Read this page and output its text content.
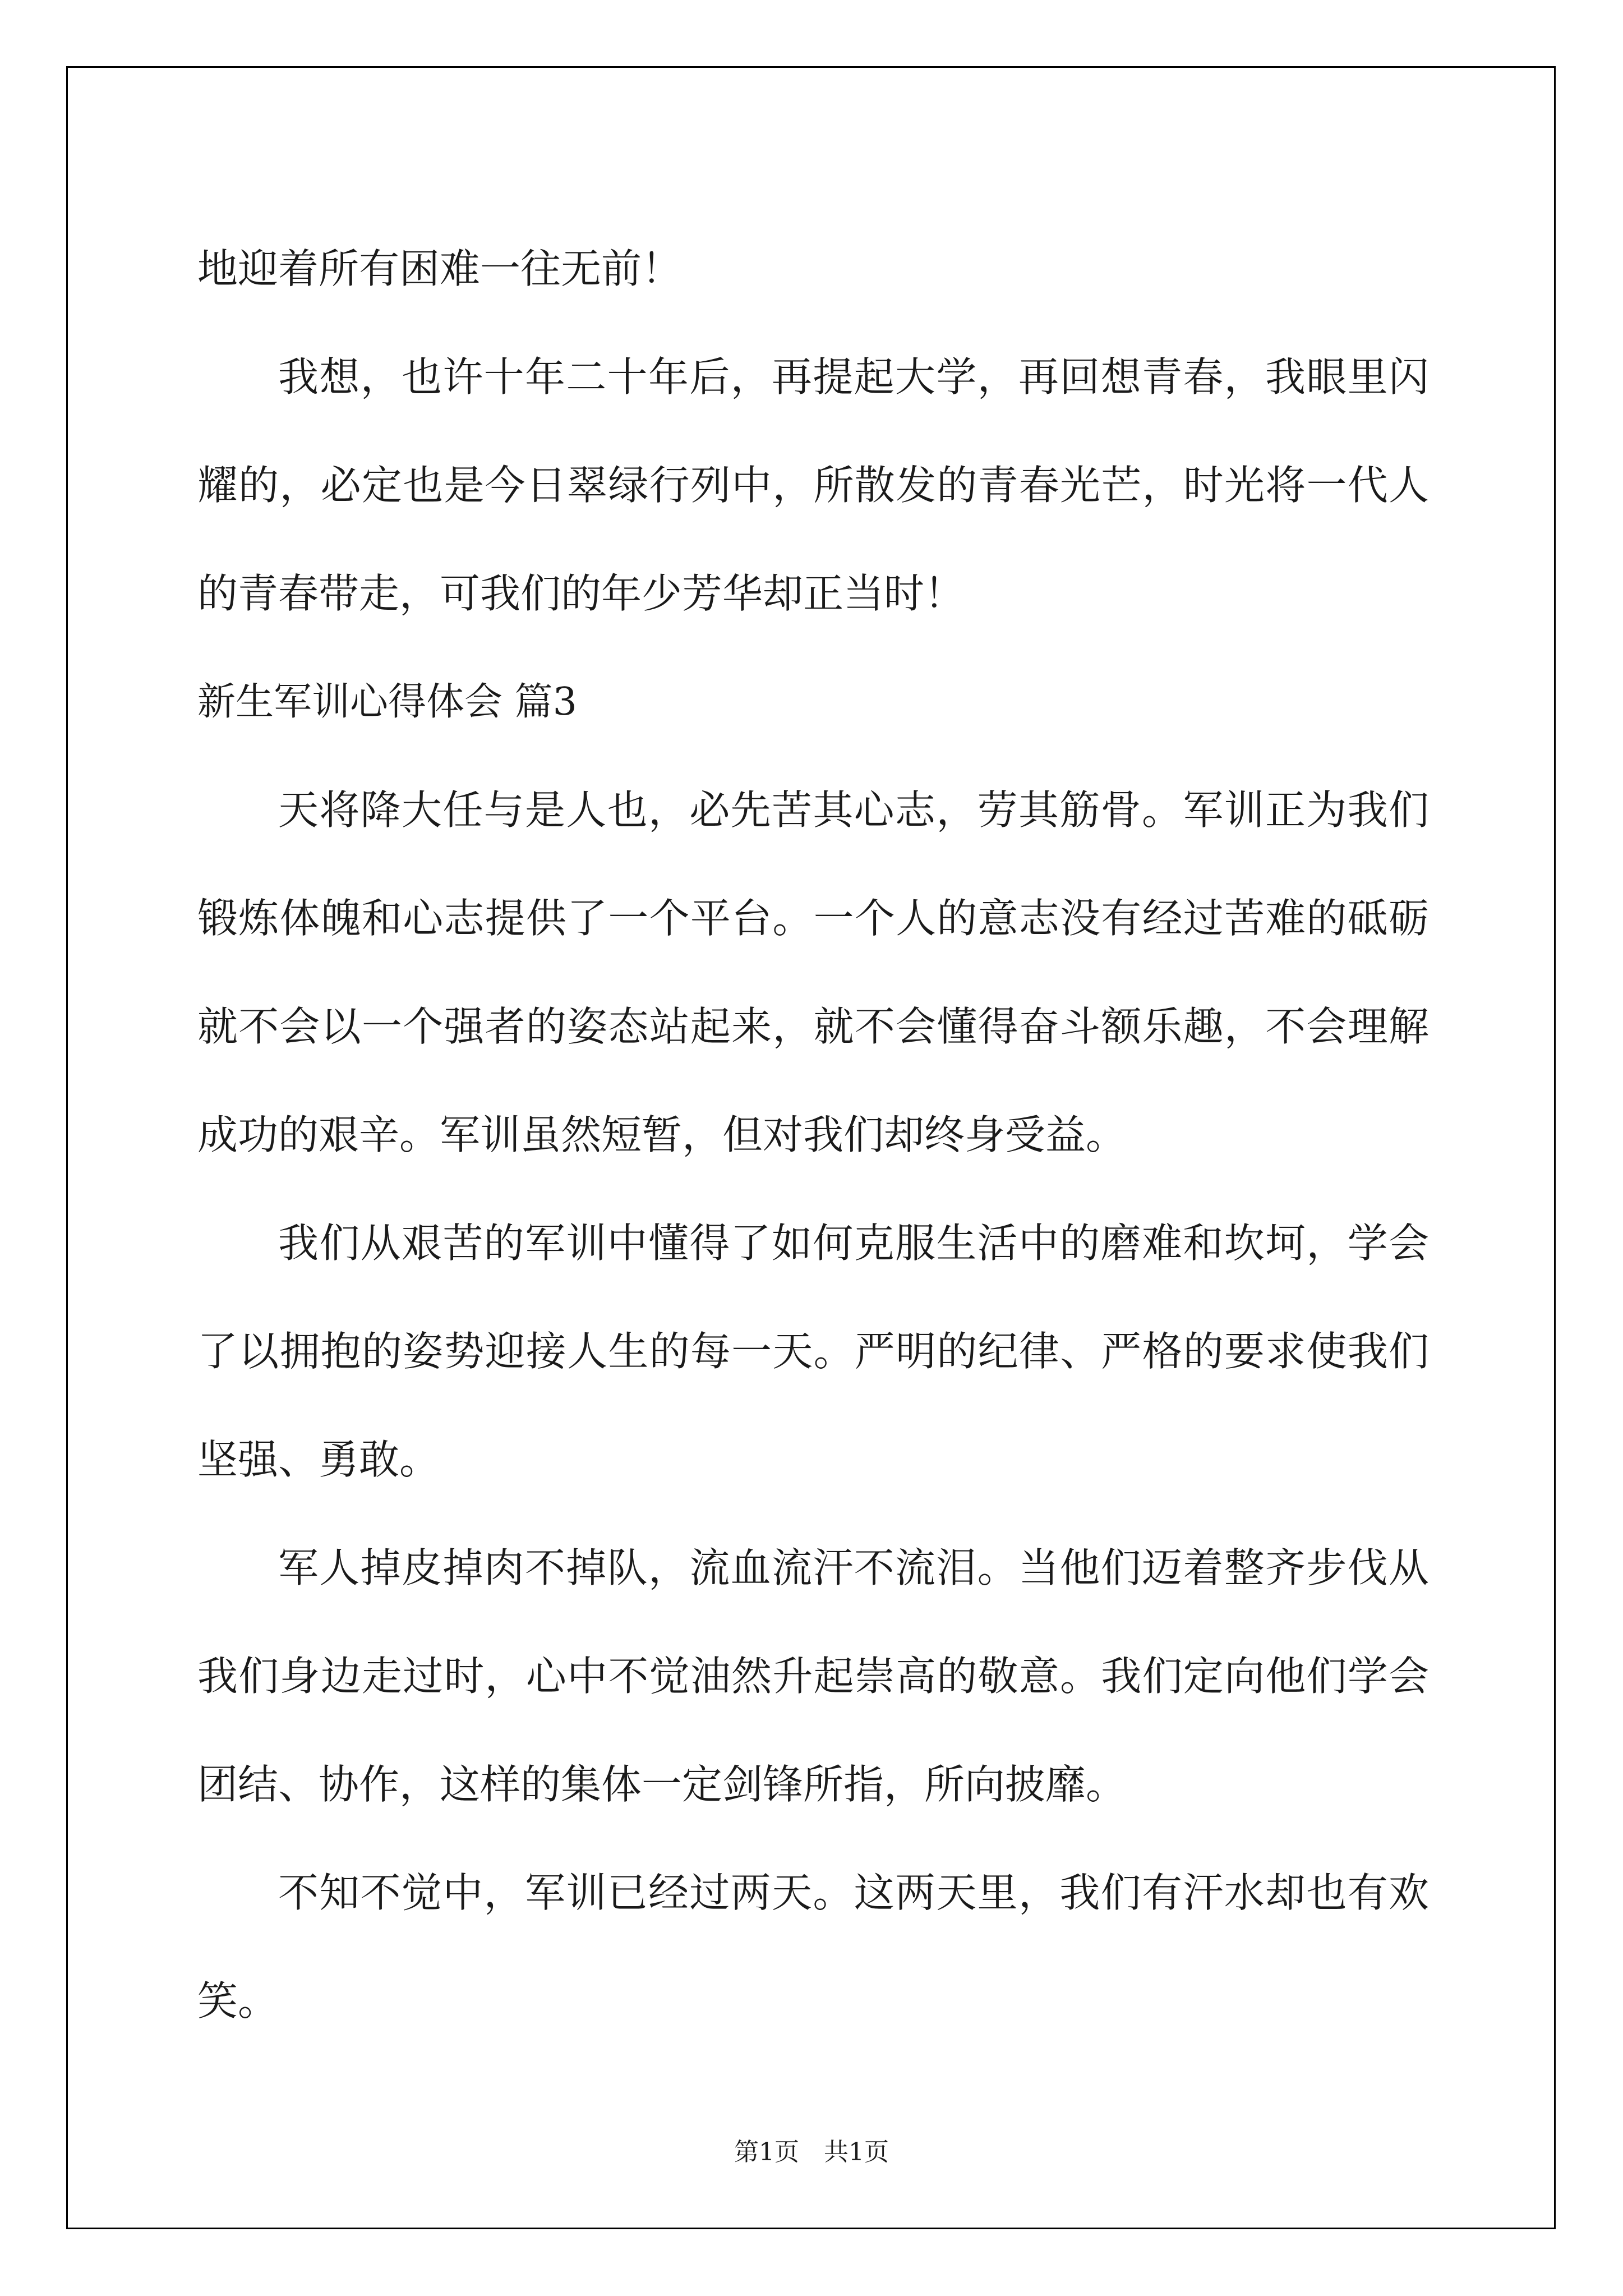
地迎着所有困难一往无前！

我想，也许十年二十年后，再提起大学，再回想青春，我眼里闪耀的，必定也是今日翠绿行列中，所散发的青春光芒，时光将一代人的青春带走，可我们的年少芳华却正当时！

新生军训心得体会 篇3

天将降大任与是人也，必先苦其心志，劳其筋骨。军训正为我们锻炼体魄和心志提供了一个平台。一个人的意志没有经过苦难的砥砺就不会以一个强者的姿态站起来，就不会懂得奋斗额乐趣，不会理解成功的艰辛。军训虽然短暂，但对我们却终身受益。

我们从艰苦的军训中懂得了如何克服生活中的磨难和坎坷，学会了以拥抱的姿势迎接人生的每一天。严明的纪律、严格的要求使我们坚强、勇敢。

军人掉皮掉肉不掉队，流血流汗不流泪。当他们迈着整齐步伐从我们身边走过时，心中不觉油然升起崇高的敬意。我们定向他们学会团结、协作，这样的集体一定剑锋所指，所向披靡。

不知不觉中，军训已经过两天。这两天里，我们有汗水却也有欢笑。

第1页　共1页
